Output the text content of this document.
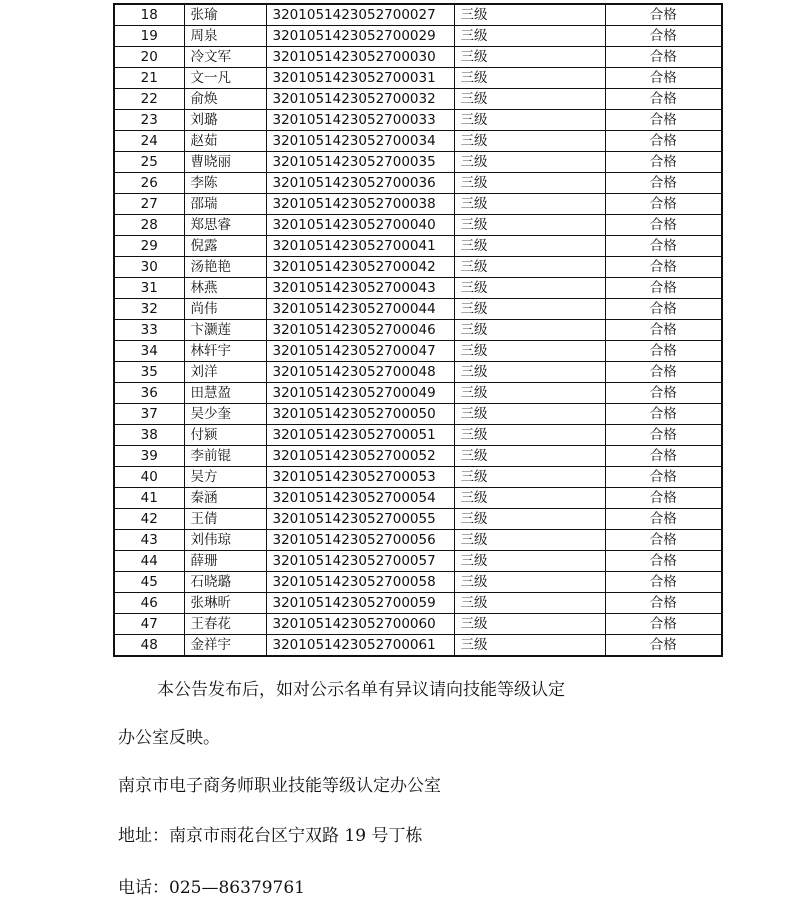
18	张瑜	3201051423052700027	三级	合格
19	周泉	3201051423052700029	三级	合格
20	冷文军	3201051423052700030	三级	合格
21	文一凡	3201051423052700031	三级	合格
22	俞焕	3201051423052700032	三级	合格
23	刘璐	3201051423052700033	三级	合格
24	赵茹	3201051423052700034	三级	合格
25	曹晓丽	3201051423052700035	三级	合格
26	李陈	3201051423052700036	三级	合格
27	邵瑞	3201051423052700038	三级	合格
28	郑思睿	3201051423052700040	三级	合格
29	倪露	3201051423052700041	三级	合格
30	汤艳艳	3201051423052700042	三级	合格
31	林燕	3201051423052700043	三级	合格
32	尚伟	3201051423052700044	三级	合格
33	卞灏莲	3201051423052700046	三级	合格
34	林轩宇	3201051423052700047	三级	合格
35	刘洋	3201051423052700048	三级	合格
36	田慧盈	3201051423052700049	三级	合格
37	吴少奎	3201051423052700050	三级	合格
38	付颍	3201051423052700051	三级	合格
39	李前锟	3201051423052700052	三级	合格
40	吴方	3201051423052700053	三级	合格
41	秦涵	3201051423052700054	三级	合格
42	王倩	3201051423052700055	三级	合格
43	刘伟琼	3201051423052700056	三级	合格
44	薛珊	3201051423052700057	三级	合格
45	石晓璐	3201051423052700058	三级	合格
46	张琳昕	3201051423052700059	三级	合格
47	王春花	3201051423052700060	三级	合格
48	金祥宇	3201051423052700061	三级	合格
本公告发布后，如对公示名单有异议请向技能等级认定
办公室反映。
南京市电子商务师职业技能等级认定办公室
地址：南京市雨花台区宁双路 19 号丁栋
电话：025—86379761
